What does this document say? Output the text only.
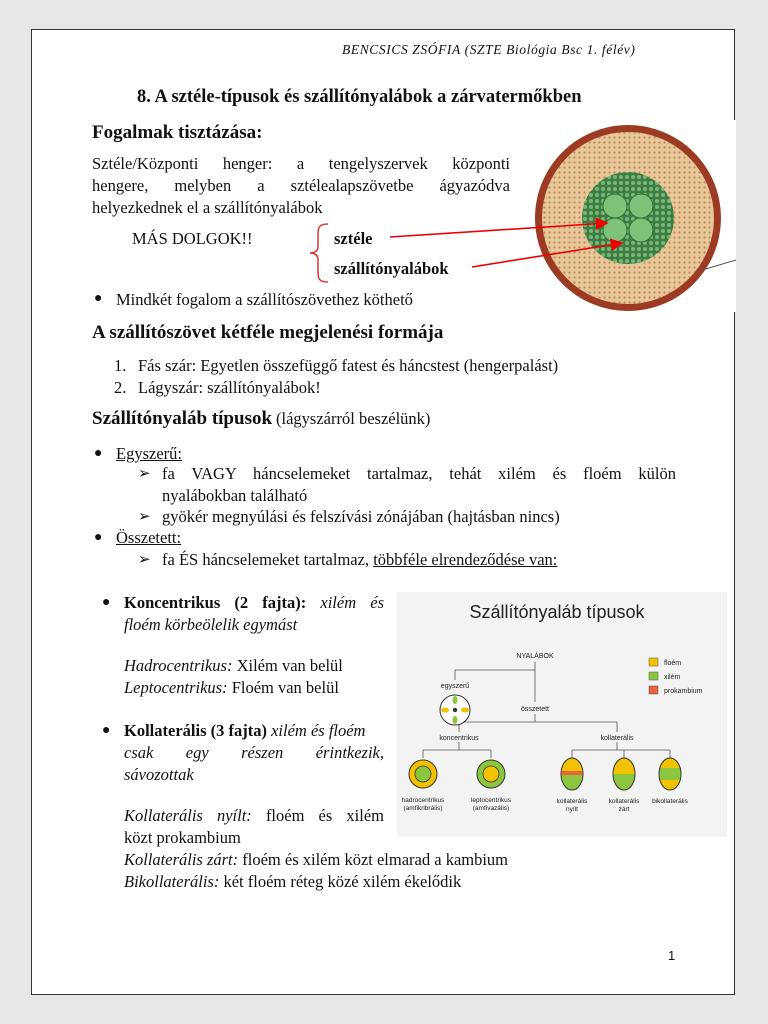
BENCSICS ZSÓFIA (SZTE Biológia Bsc 1. félév)
8. A sztéle-típusok és szállítónyalábok a zárvatermőkben
Fogalmak tisztázása:
Sztéle/Központi henger: a tengelyszervek központi
hengere, melyben a sztélealapszövetbe ágyazódva
helyezkednek el a szállítónyalábok
MÁS DOLGOK!!	sztéle
szállítónyalábok
● Mindkét fogalom a szállítószövethez köthető
A szállítószövet kétféle megjelenési formája
1. Fás szár: Egyetlen összefüggő fatest és háncstest (hengerpalást)
2. Lágyszár: szállítónyalábok!
Szállítónyaláb típusok (lágyszárról beszélünk)
● Egyszerű:
➢ fa VAGY háncselemeket tartalmaz, tehát xilém és floém külön
nyalábokban található
➢ gyökér megnyúlási és felszívási zónájában (hajtásban nincs)
● Összetett:
➢ fa ÉS háncselemeket tartalmaz, többféle elrendeződése van:
● Koncentrikus (2 fajta): xilém és
floém körbeölelik egymást
Hadrocentrikus: Xilém van belül
Leptocentrikus: Floém van belül
● Kollaterális (3 fajta) xilém és floém
csak egy részen érintkezik,
sávozottak
Kollaterális nyílt: floém és xilém
közt prokambium
Kollaterális zárt: floém és xilém közt elmarad a kambium
Bikollaterális: két floém réteg közé xilém ékelődik
Szállítónyaláb típusok
NYALÁBOK
egyszerű
összetett
koncentrikus	kollaterális
hadrocentrikus
(amfikribrális)
leptocentrikus
(amfivazális)
kollaterális
nyílt
kollaterális
zárt
bikollaterális
floém
xilém
prokambium
1
